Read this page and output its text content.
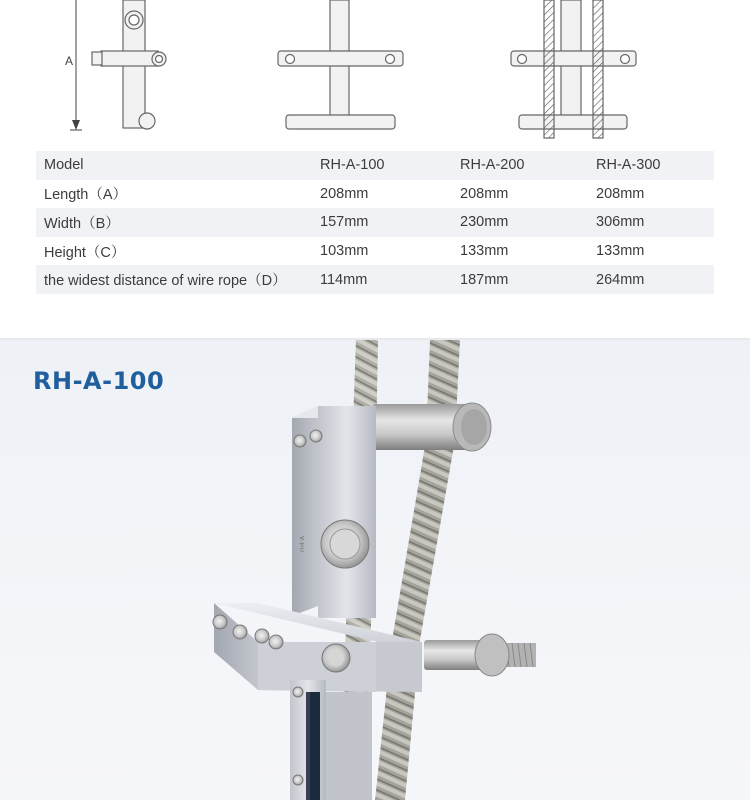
A
Model	RH-A-100	RH-A-200	RH-A-300
Length（A）	208mm	208mm	208mm
Width（B）	157mm	230mm	306mm
Height（C）	103mm	133mm	133mm
the widest distance of wire rope（D）	114mm	187mm	264mm
rn4·A
RH-A-100
